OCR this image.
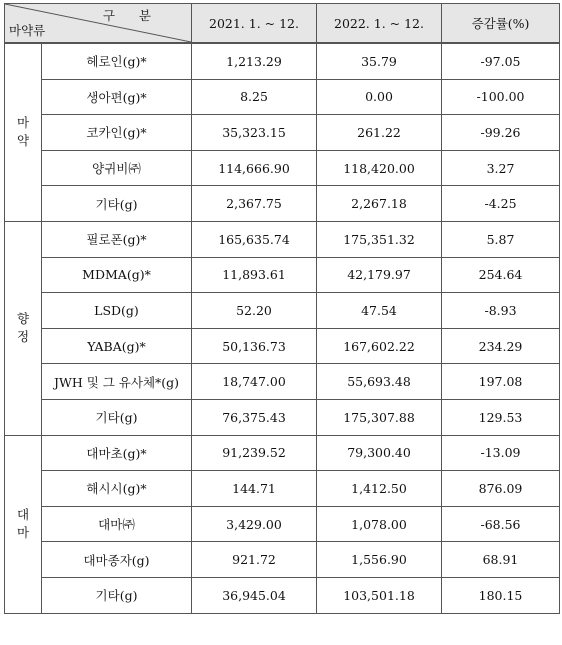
구 분
마약류		2021. 1. ~ 12.	2022. 1. ~ 12.	증감률(%)
마약	헤로인(g)*	1,213.29	35.79	-97.05
	생아편(g)*	8.25	0.00	-100.00
	코카인(g)*	35,323.15	261.22	-99.26
	양귀비㈜	114,666.90	118,420.00	3.27
	기타(g)	2,367.75	2,267.18	-4.25
향정	필로폰(g)*	165,635.74	175,351.32	5.87
	MDMA(g)*	11,893.61	42,179.97	254.64
	LSD(g)	52.20	47.54	-8.93
	YABA(g)*	50,136.73	167,602.22	234.29
	JWH 및 그 유사체*(g)	18,747.00	55,693.48	197.08
	기타(g)	76,375.43	175,307.88	129.53
대마	대마초(g)*	91,239.52	79,300.40	-13.09
	해시시(g)*	144.71	1,412.50	876.09
	대마㈜	3,429.00	1,078.00	-68.56
	대마종자(g)	921.72	1,556.90	68.91
	기타(g)	36,945.04	103,501.18	180.15
